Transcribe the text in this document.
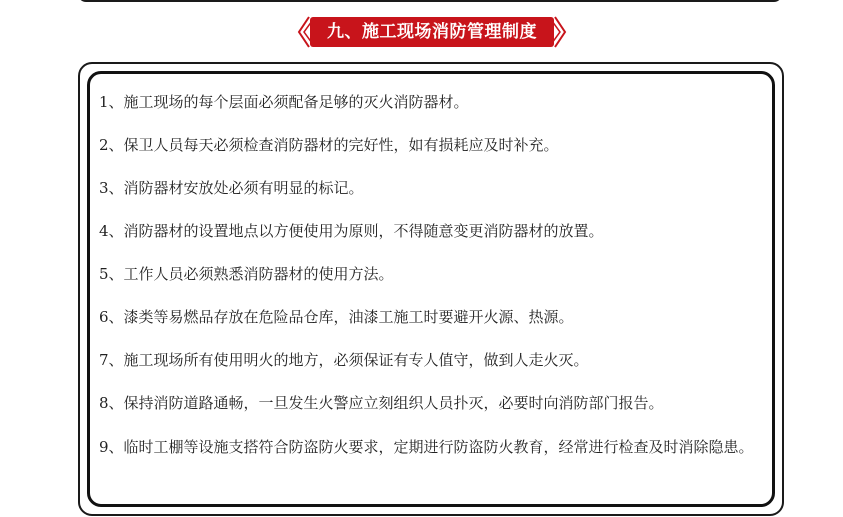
九、施工现场消防管理制度
1、施工现场的每个层面必须配备足够的灭火消防器材。
2、保卫人员每天必须检查消防器材的完好性，如有损耗应及时补充。
3、消防器材安放处必须有明显的标记。
4、消防器材的设置地点以方便使用为原则，不得随意变更消防器材的放置。
5、工作人员必须熟悉消防器材的使用方法。
6、漆类等易燃品存放在危险品仓库，油漆工施工时要避开火源、热源。
7、施工现场所有使用明火的地方，必须保证有专人值守，做到人走火灭。
8、保持消防道路通畅，一旦发生火警应立刻组织人员扑灭，必要时向消防部门报告。
9、临时工棚等设施支搭符合防盗防火要求，定期进行防盗防火教育，经常进行检查及时消除隐患。
